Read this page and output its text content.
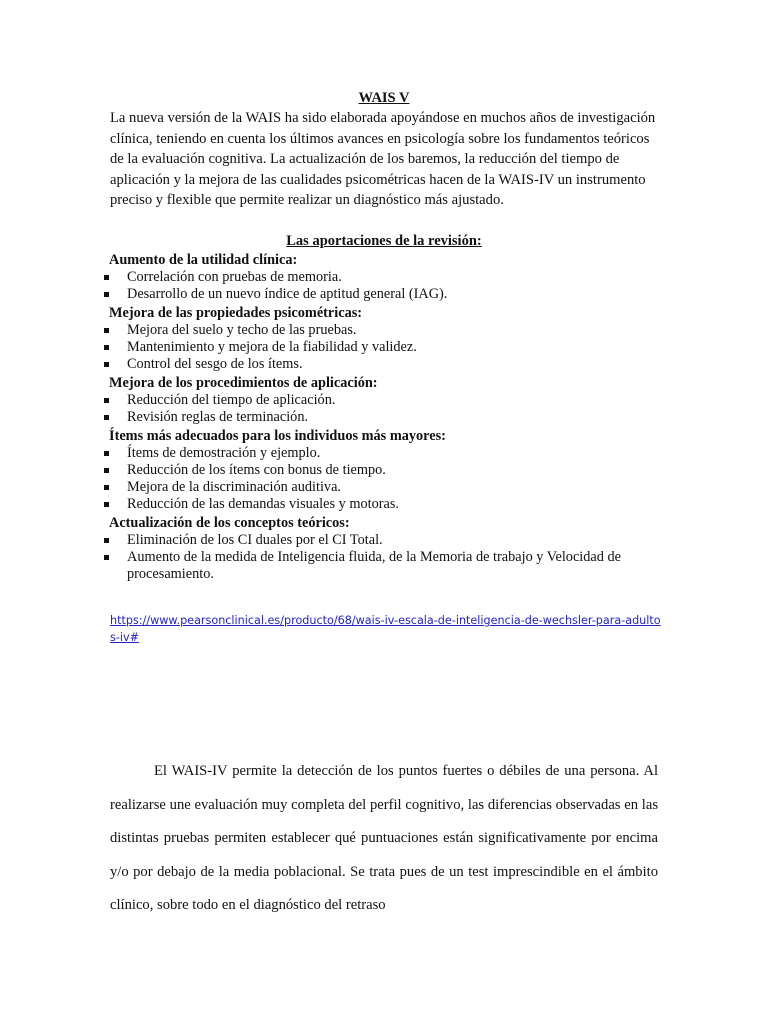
WAIS V

La nueva versión de la WAIS ha sido elaborada apoyándose en muchos años de investigación clínica, teniendo en cuenta los últimos avances en psicología sobre los fundamentos teóricos de la evaluación cognitiva. La actualización de los baremos, la reducción del tiempo de aplicación y la mejora de las cualidades psicométricas hacen de la WAIS-IV un instrumento preciso y flexible que permite realizar un diagnóstico más ajustado.

Las aportaciones de la revisión:
Aumento de la utilidad clínica:
Correlación con pruebas de memoria.
Desarrollo de un nuevo índice de aptitud general (IAG).
Mejora de las propiedades psicométricas:
Mejora del suelo y techo de las pruebas.
Mantenimiento y mejora de la fiabilidad y validez.
Control del sesgo de los ítems.
Mejora de los procedimientos de aplicación:
Reducción del tiempo de aplicación.
Revisión reglas de terminación.
Ítems más adecuados para los individuos más mayores:
Ítems de demostración y ejemplo.
Reducción de los ítems con bonus de tiempo.
Mejora de la discriminación auditiva.
Reducción de las demandas visuales y motoras.
Actualización de los conceptos teóricos:
Eliminación de los CI duales por el CI Total.
Aumento de la medida de Inteligencia fluida, de la Memoria de trabajo y Velocidad de procesamiento.
https://www.pearsonclinical.es/producto/68/wais-iv-escala-de-inteligencia-de-wechsler-para-adultos-iv#

El WAIS-IV permite la detección de los puntos fuertes o débiles de una persona. Al realizarse une evaluación muy completa del perfil cognitivo, las diferencias observadas en las distintas pruebas permiten establecer qué puntuaciones están significativamente por encima y/o por debajo de la media poblacional. Se trata pues de un test imprescindible en el ámbito clínico, sobre todo en el diagnóstico del retraso
